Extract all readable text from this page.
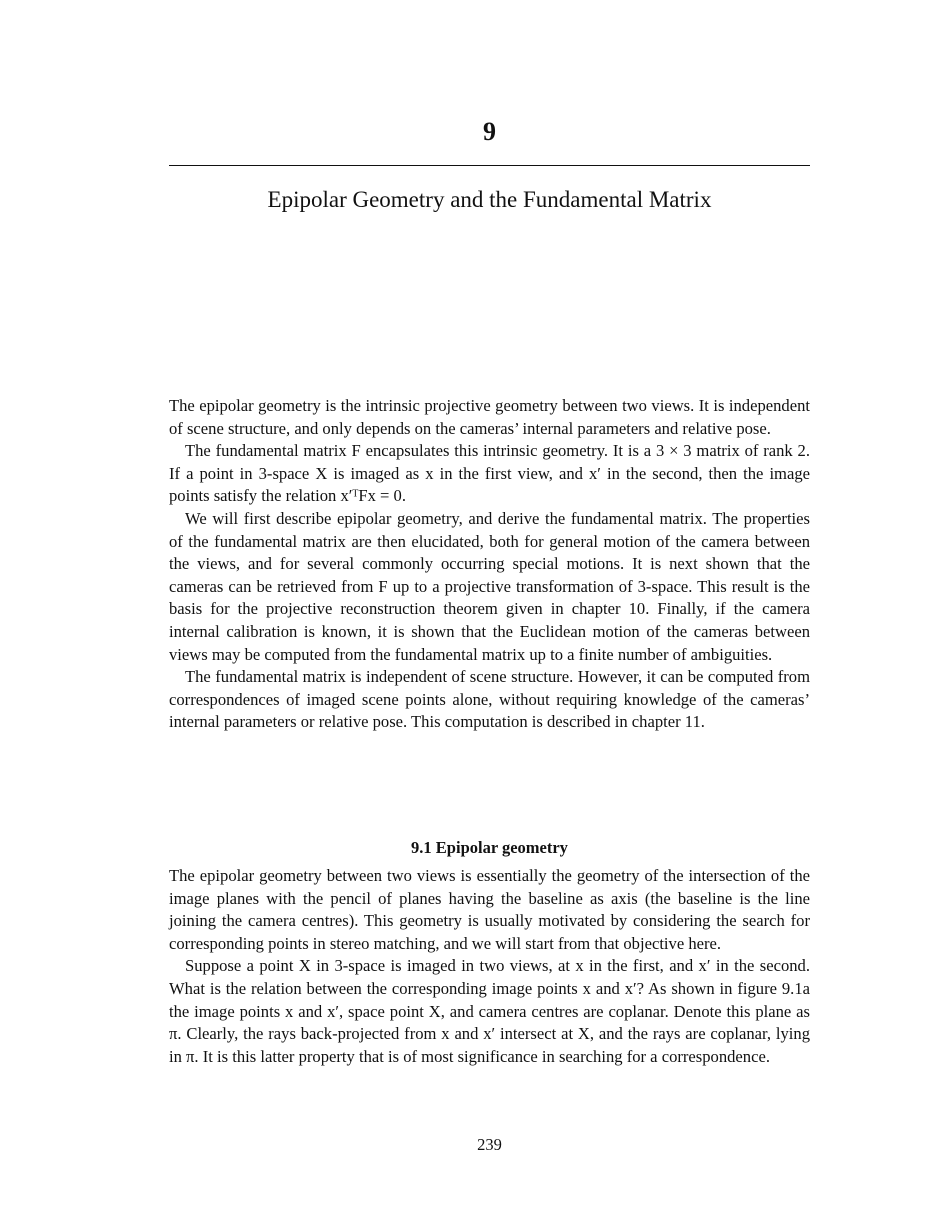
9
Epipolar Geometry and the Fundamental Matrix

The epipolar geometry is the intrinsic projective geometry between two views. It is independent of scene structure, and only depends on the cameras’ internal parameters and relative pose.

The fundamental matrix F encapsulates this intrinsic geometry. It is a 3 × 3 matrix of rank 2. If a point in 3-space X is imaged as x in the first view, and x′ in the second, then the image points satisfy the relation x′ᵀFx = 0.

We will first describe epipolar geometry, and derive the fundamental matrix. The properties of the fundamental matrix are then elucidated, both for general motion of the camera between the views, and for several commonly occurring special motions. It is next shown that the cameras can be retrieved from F up to a projective transformation of 3-space. This result is the basis for the projective reconstruction theorem given in chapter 10. Finally, if the camera internal calibration is known, it is shown that the Euclidean motion of the cameras between views may be computed from the fundamental matrix up to a finite number of ambiguities.

The fundamental matrix is independent of scene structure. However, it can be computed from correspondences of imaged scene points alone, without requiring knowledge of the cameras’ internal parameters or relative pose. This computation is described in chapter 11.

9.1 Epipolar geometry

The epipolar geometry between two views is essentially the geometry of the intersection of the image planes with the pencil of planes having the baseline as axis (the baseline is the line joining the camera centres). This geometry is usually motivated by considering the search for corresponding points in stereo matching, and we will start from that objective here.

Suppose a point X in 3-space is imaged in two views, at x in the first, and x′ in the second. What is the relation between the corresponding image points x and x′? As shown in figure 9.1a the image points x and x′, space point X, and camera centres are coplanar. Denote this plane as π. Clearly, the rays back-projected from x and x′ intersect at X, and the rays are coplanar, lying in π. It is this latter property that is of most significance in searching for a correspondence.

239
